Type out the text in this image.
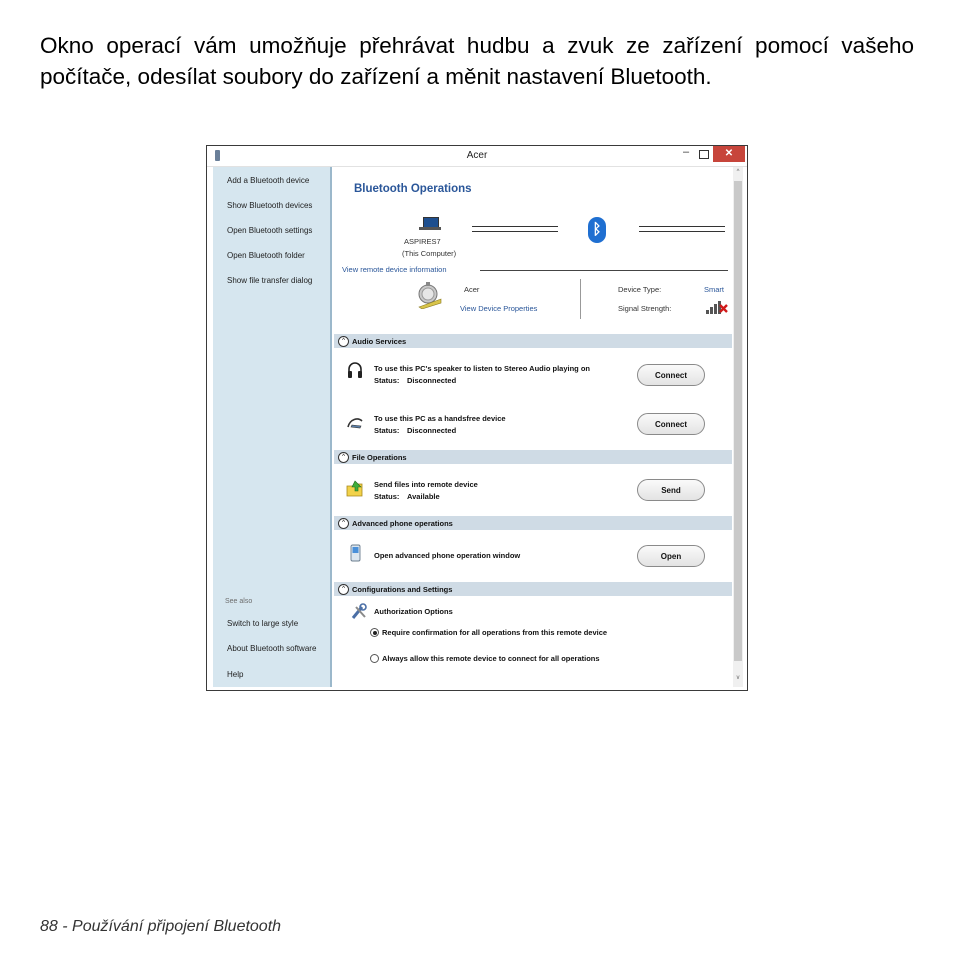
Okno operací vám umožňuje přehrávat hudbu a zvuk ze zařízení pomocí vašeho počítače, odesílat soubory do zařízení a měnit nastavení Bluetooth.

Acer	–	✕
Add a Bluetooth device
Show Bluetooth devices
Open Bluetooth settings
Open Bluetooth folder
Show file transfer dialog
See also
Switch to large style
About Bluetooth software
Help
Bluetooth Operations
ASPIRES7
(This Computer)
ᛒ
View remote device information
Acer
View Device Properties
Device Type:	Smart
Signal Strength:
^ Audio Services
To use this PC's speaker to listen to Stereo Audio playing on
Status: Disconnected
Connect
To use this PC as a handsfree device
Status: Disconnected
Connect
^ File Operations
Send files into remote device
Status: Available
Send
^ Advanced phone operations
Open advanced phone operation window	Open
^ Configurations and Settings
Authorization Options
Require confirmation for all operations from this remote device
Always allow this remote device to connect for all operations
^
v
88 - Používání připojení Bluetooth
